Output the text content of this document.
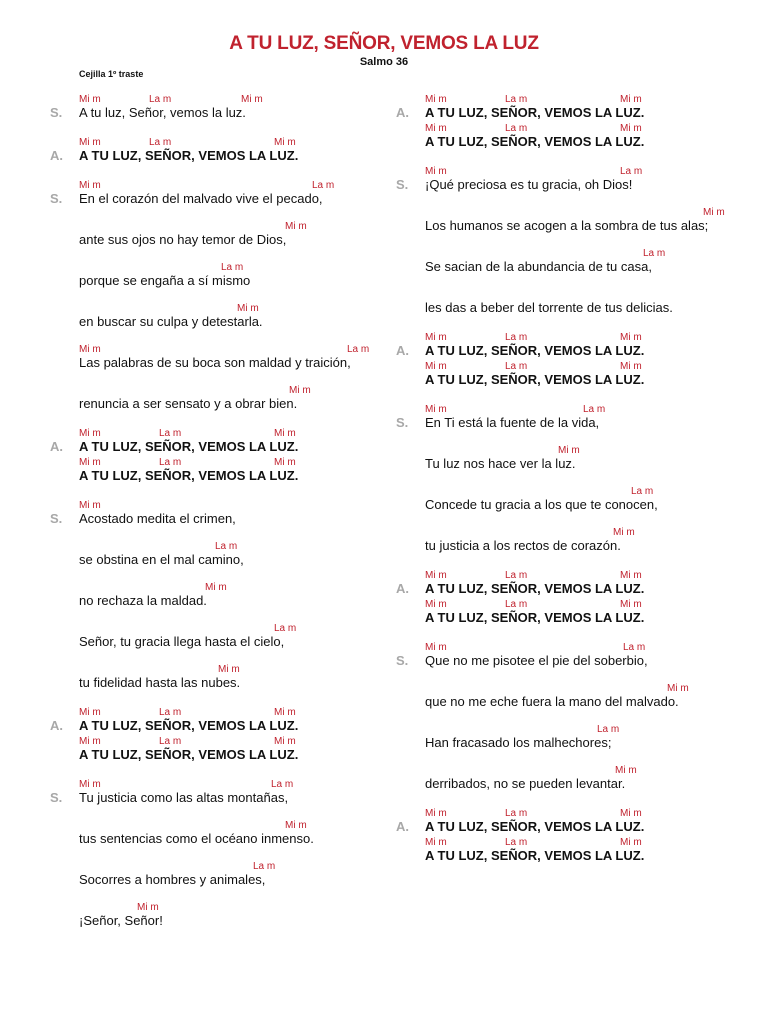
A TU LUZ, SEÑOR, VEMOS LA LUZ
Salmo 36
Cejilla 1º traste
S.
Mi m	La m	Mi m
A tu luz, Señor, vemos la luz.
A.
Mi m	La m	Mi m
A TU LUZ, SEÑOR, VEMOS LA LUZ.
S.
Mi m	La m
En el corazón del malvado vive el pecado,
Mi m
ante sus ojos no hay temor de Dios,
La m
porque se engaña a sí mismo
Mi m
en buscar su culpa y detestarla.
Mi m	La m
Las palabras de su boca son maldad y traición,
Mi m
renuncia a ser sensato y a obrar bien.
A.
Mi m	La m	Mi m
A TU LUZ, SEÑOR, VEMOS LA LUZ.
Mi m	La m	Mi m
A TU LUZ, SEÑOR, VEMOS LA LUZ.
S.
Mi m
Acostado medita el crimen,
La m
se obstina en el mal camino,
Mi m
no rechaza la maldad.
La m
Señor, tu gracia llega hasta el cielo,
Mi m
tu fidelidad hasta las nubes.
A.
Mi m	La m	Mi m
A TU LUZ, SEÑOR, VEMOS LA LUZ.
Mi m	La m	Mi m
A TU LUZ, SEÑOR, VEMOS LA LUZ.
S.
Mi m	La m
Tu justicia como las altas montañas,
Mi m
tus sentencias como el océano inmenso.
La m
Socorres a hombres y animales,
Mi m
¡Señor, Señor!
A.
Mi m	La m	Mi m
A TU LUZ, SEÑOR, VEMOS LA LUZ.
Mi m	La m	Mi m
A TU LUZ, SEÑOR, VEMOS LA LUZ.
S.
Mi m	La m
¡Qué preciosa es tu gracia, oh Dios!
Mi m
Los humanos se acogen a la sombra de tus alas;
La m
Se sacian de la abundancia de tu casa,
les das a beber del torrente de tus delicias.
A.
Mi m	La m	Mi m
A TU LUZ, SEÑOR, VEMOS LA LUZ.
Mi m	La m	Mi m
A TU LUZ, SEÑOR, VEMOS LA LUZ.
S.
Mi m	La m
En Ti está la fuente de la vida,
Mi m
Tu luz nos hace ver la luz.
La m
Concede tu gracia a los que te conocen,
Mi m
tu justicia a los rectos de corazón.
A.
Mi m	La m	Mi m
A TU LUZ, SEÑOR, VEMOS LA LUZ.
Mi m	La m	Mi m
A TU LUZ, SEÑOR, VEMOS LA LUZ.
S.
Mi m	La m
Que no me pisotee el pie del soberbio,
Mi m
que no me eche fuera la mano del malvado.
La m
Han fracasado los malhechores;
Mi m
derribados, no se pueden levantar.
A.
Mi m	La m	Mi m
A TU LUZ, SEÑOR, VEMOS LA LUZ.
Mi m	La m	Mi m
A TU LUZ, SEÑOR, VEMOS LA LUZ.
